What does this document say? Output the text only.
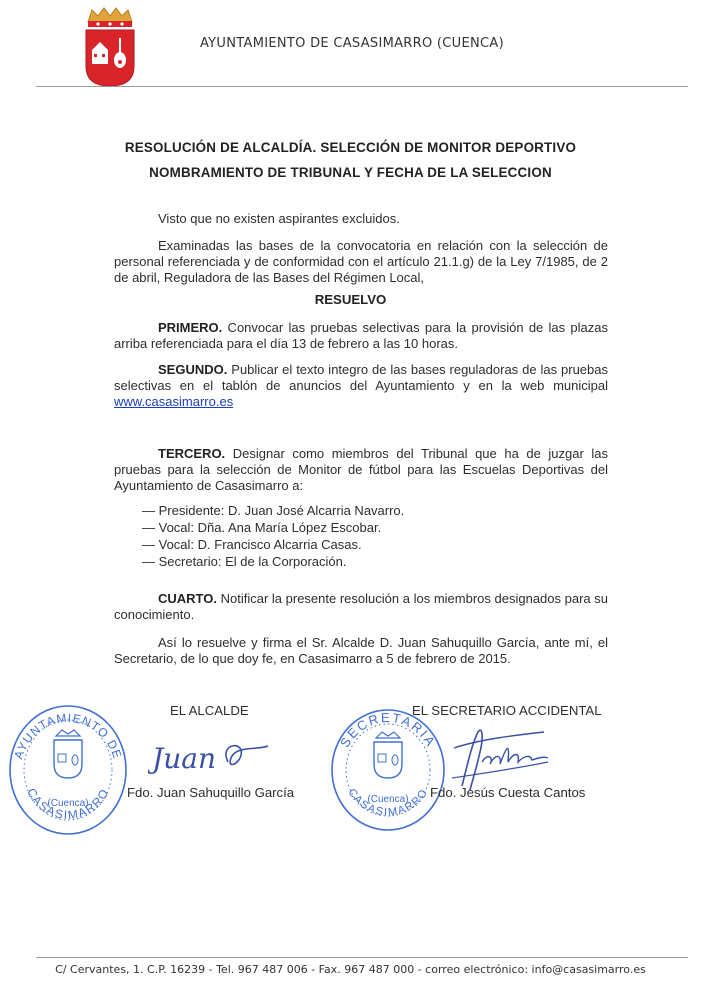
AYUNTAMIENTO DE CASASIMARRO (CUENCA)
RESOLUCIÓN DE ALCALDÍA. SELECCIÓN DE MONITOR DEPORTIVO
NOMBRAMIENTO DE TRIBUNAL Y FECHA DE LA SELECCION
Visto que no existen aspirantes excluidos.
Examinadas las bases de la convocatoria en relación con la selección de personal referenciada y de conformidad con el artículo 21.1.g) de la Ley 7/1985, de 2 de abril, Reguladora de las Bases del Régimen Local,
RESUELVO
PRIMERO. Convocar las pruebas selectivas para la provisión de las plazas arriba referenciada para el día 13 de febrero a las 10 horas.
SEGUNDO. Publicar el texto integro de las bases reguladoras de las pruebas selectivas en el tablón de anuncios del Ayuntamiento y en la web municipal www.casasimarro.es
TERCERO. Designar como miembros del Tribunal que ha de juzgar las pruebas para la selección de Monitor de fútbol para las Escuelas Deportivas del Ayuntamiento de Casasimarro a:
— Presidente: D. Juan José Alcarria Navarro.
— Vocal: Dña. Ana María López Escobar.
— Vocal: D. Francisco Alcarria Casas.
— Secretario: El de la Corporación.
CUARTO. Notificar la presente resolución a los miembros designados para su conocimiento.
Así lo resuelve y firma el Sr. Alcalde D. Juan Sahuquillo García, ante mí, el Secretario, de lo que doy fe, en Casasimarro a 5 de febrero de 2015.
EL ALCALDE	EL SECRETARIO ACCIDENTAL
AYUNTAMIENTO DE
CASASIMARRO
(Cuenca)
Juan
Fdo. Juan Sahuquillo García
SECRETARIA
CASASIMARRO
(Cuenca) Fdo. Jesús Cuesta Cantos
C/ Cervantes, 1. C.P. 16239 - Tel. 967 487 006 - Fax. 967 487 000 - correo electrónico: info@casasimarro.es
